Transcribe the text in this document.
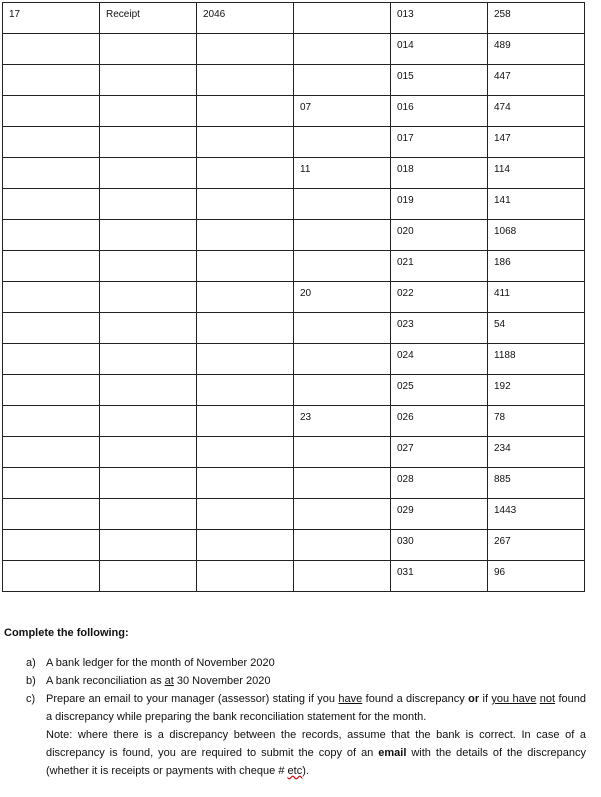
17	Receipt	2046		013	258

				014	489

				015	447

			07	016	474

				017	147

			11	018	114

				019	141

				020	1068

				021	186

			20	022	411

				023	54

				024	1188

				025	192

			23	026	78

				027	234

				028	885

				029	1443

				030	267

				031	96

Complete the following:

a) A bank ledger for the month of November 2020
b) A bank reconciliation as at 30 November 2020
c) Prepare an email to your manager (assessor) stating if you have found a discrepancy or if you have not found a discrepancy while preparing the bank reconciliation statement for the month.
Note: where there is a discrepancy between the records, assume that the bank is correct. In case of a discrepancy is found, you are required to submit the copy of an email with the details of the discrepancy (whether it is receipts or payments with cheque # etc).
